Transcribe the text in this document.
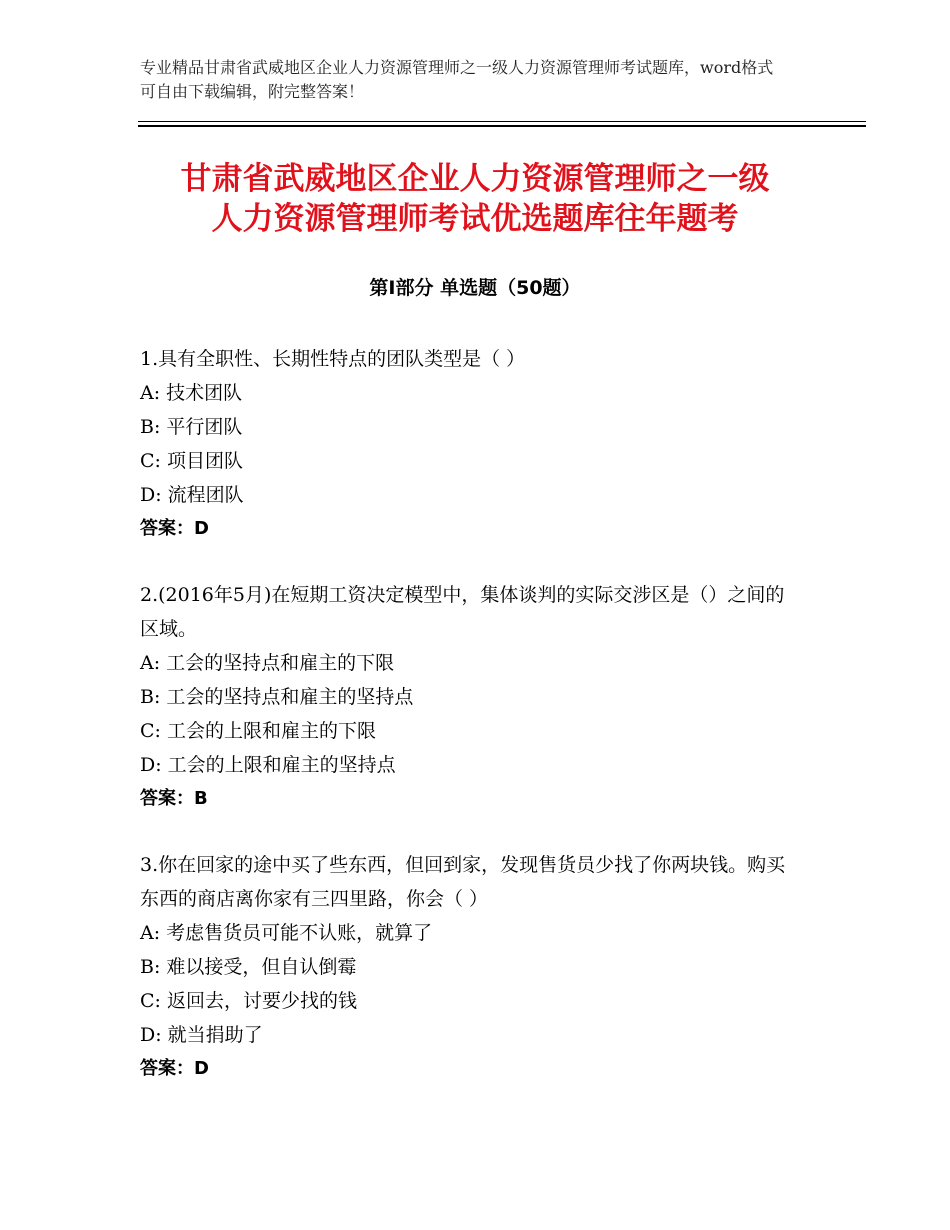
专业精品甘肃省武威地区企业人力资源管理师之一级人力资源管理师考试题库，word格式可自由下载编辑，附完整答案！
甘肃省武威地区企业人力资源管理师之一级
人力资源管理师考试优选题库往年题考
第Ⅰ部分 单选题（50题）
1.具有全职性、长期性特点的团队类型是（ ）
A: 技术团队
B: 平行团队
C: 项目团队
D: 流程团队
答案：D
2.(2016年5月)在短期工资决定模型中，集体谈判的实际交涉区是（）之间的区域。
A: 工会的坚持点和雇主的下限
B: 工会的坚持点和雇主的坚持点
C: 工会的上限和雇主的下限
D: 工会的上限和雇主的坚持点
答案：B
3.你在回家的途中买了些东西，但回到家，发现售货员少找了你两块钱。购买东西的商店离你家有三四里路，你会（ ）
A: 考虑售货员可能不认账，就算了
B: 难以接受，但自认倒霉
C: 返回去，讨要少找的钱
D: 就当捐助了
答案：D
